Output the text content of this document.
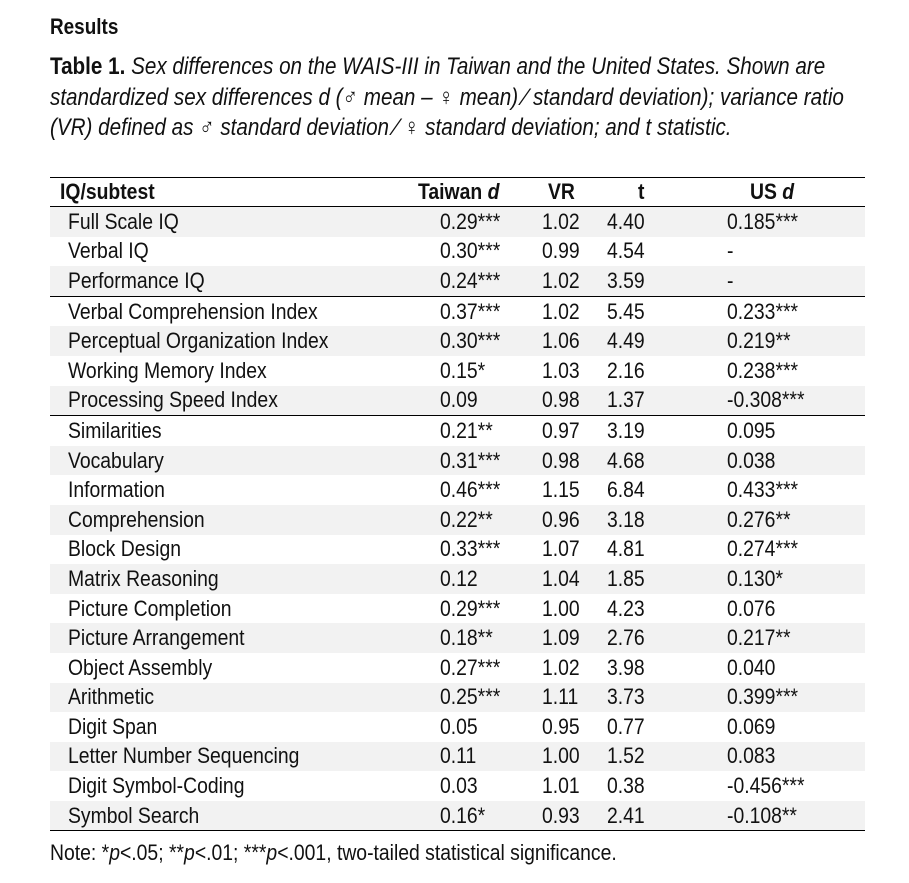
Results
Table 1. Sex differences on the WAIS-III in Taiwan and the United States. Shown are standardized sex differences d (♂ mean – ♀ mean) ⁄ standard deviation); variance ratio (VR) defined as ♂ standard deviation ⁄ ♀ standard deviation; and t statistic.
IQ/subtest	Taiwan d	VR	t	US d
Full Scale IQ	0.29***	1.02	4.40	0.185***
Verbal IQ	0.30***	0.99	4.54	-
Performance IQ	0.24***	1.02	3.59	-
Verbal Comprehension Index	0.37***	1.02	5.45	0.233***
Perceptual Organization Index	0.30***	1.06	4.49	0.219**
Working Memory Index	0.15*	1.03	2.16	0.238***
Processing Speed Index	0.09	0.98	1.37	-0.308***
Similarities	0.21**	0.97	3.19	0.095
Vocabulary	0.31***	0.98	4.68	0.038
Information	0.46***	1.15	6.84	0.433***
Comprehension	0.22**	0.96	3.18	0.276**
Block Design	0.33***	1.07	4.81	0.274***
Matrix Reasoning	0.12	1.04	1.85	0.130*
Picture Completion	0.29***	1.00	4.23	0.076
Picture Arrangement	0.18**	1.09	2.76	0.217**
Object Assembly	0.27***	1.02	3.98	0.040
Arithmetic	0.25***	1.11	3.73	0.399***
Digit Span	0.05	0.95	0.77	0.069
Letter Number Sequencing	0.11	1.00	1.52	0.083
Digit Symbol-Coding	0.03	1.01	0.38	-0.456***
Symbol Search	0.16*	0.93	2.41	-0.108**
Note: *p<.05; **p<.01; ***p<.001, two-tailed statistical significance.
